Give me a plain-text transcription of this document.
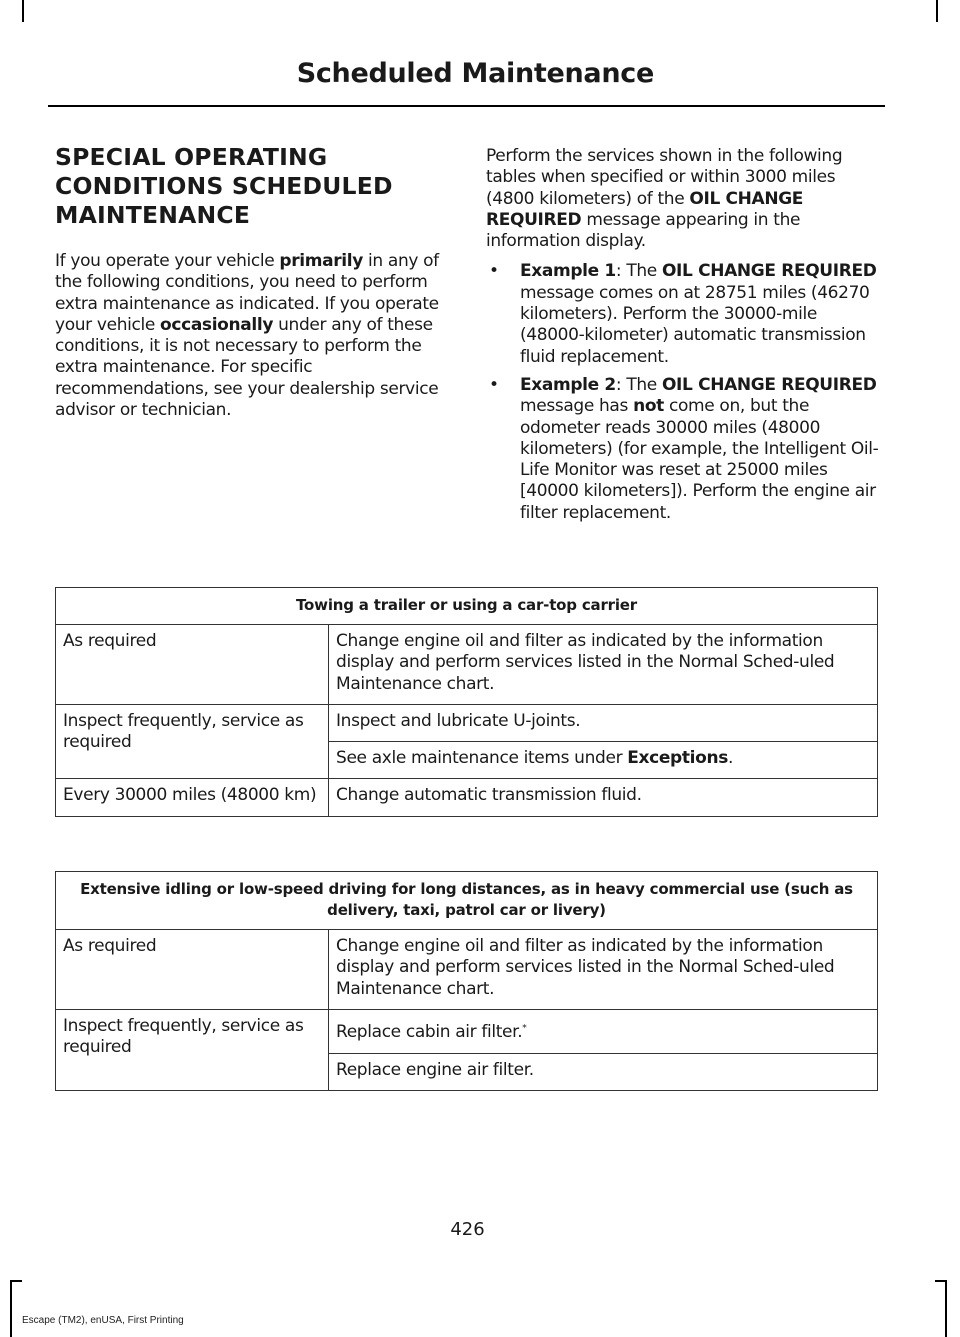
Scheduled Maintenance
SPECIAL OPERATING CONDITIONS SCHEDULED MAINTENANCE

If you operate your vehicle primarily in any of the following conditions, you need to perform extra maintenance as indicated. If you operate your vehicle occasionally under any of these conditions, it is not necessary to perform the extra maintenance. For specific recommendations, see your dealership service advisor or technician.

Perform the services shown in the following tables when specified or within 3000 miles (4800 kilometers) of the OIL CHANGE REQUIRED message appearing in the information display.

• Example 1: The OIL CHANGE REQUIRED message comes on at 28751 miles (46270 kilometers). Perform the 30000-mile (48000-kilometer) automatic transmission fluid replacement.
• Example 2: The OIL CHANGE REQUIRED message has not come on, but the odometer reads 30000 miles (48000 kilometers) (for example, the Intelligent Oil-Life Monitor was reset at 25000 miles [40000 kilometers]). Perform the engine air filter replacement.
Towing a trailer or using a car-top carrier	
As required	Change engine oil and filter as indicated by the information display and perform services listed in the Normal Sched-uled Maintenance chart.
Inspect frequently, service as required	Inspect and lubricate U-joints.
	See axle maintenance items under Exceptions.
Every 30000 miles (48000 km)	Change automatic transmission fluid.
Extensive idling or low-speed driving for long distances, as in heavy commercial use (such as delivery, taxi, patrol car or livery)	
As required	Change engine oil and filter as indicated by the information display and perform services listed in the Normal Sched-uled Maintenance chart.
Inspect frequently, service as required	Replace cabin air filter.*
	Replace engine air filter.
426
Escape (TM2), enUSA, First Printing
